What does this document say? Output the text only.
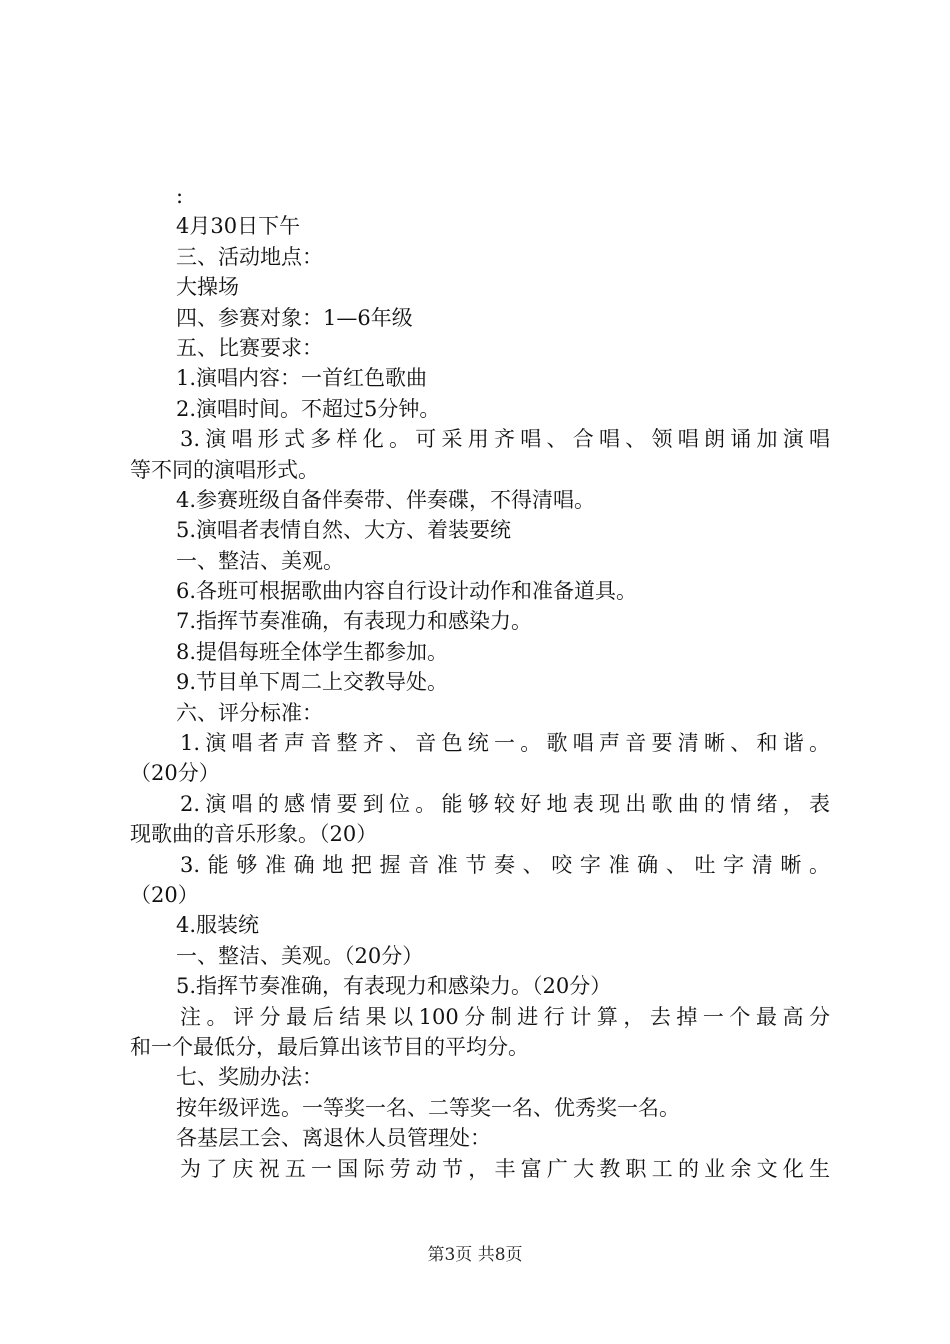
:
4月30日下午
三、活动地点：
大操场
四、参赛对象：1—6年级
五、比赛要求：
1.演唱内容：一首红色歌曲
2.演唱时间。不超过5分钟。
3.演唱形式多样化。可采用齐唱、合唱、领唱朗诵加演唱
等不同的演唱形式。
4.参赛班级自备伴奏带、伴奏碟，不得清唱。
5.演唱者表情自然、大方、着装要统
一、整洁、美观。
6.各班可根据歌曲内容自行设计动作和准备道具。
7.指挥节奏准确，有表现力和感染力。
8.提倡每班全体学生都参加。
9.节目单下周二上交教导处。
六、评分标准：
1.演唱者声音整齐、音色统一。歌唱声音要清晰、和谐。
（20分）
2.演唱的感情要到位。能够较好地表现出歌曲的情绪，表
现歌曲的音乐形象。（20）
3.能够准确地把握音准节奏、咬字准确、吐字清晰。
（20）
4.服装统
一、整洁、美观。（20分）
5.指挥节奏准确，有表现力和感染力。（20分）
注。评分最后结果以100分制进行计算，去掉一个最高分
和一个最低分，最后算出该节目的平均分。
七、奖励办法：
按年级评选。一等奖一名、二等奖一名、优秀奖一名。
各基层工会、离退休人员管理处：
为了庆祝五一国际劳动节，丰富广大教职工的业余文化生
第3页 共8页
